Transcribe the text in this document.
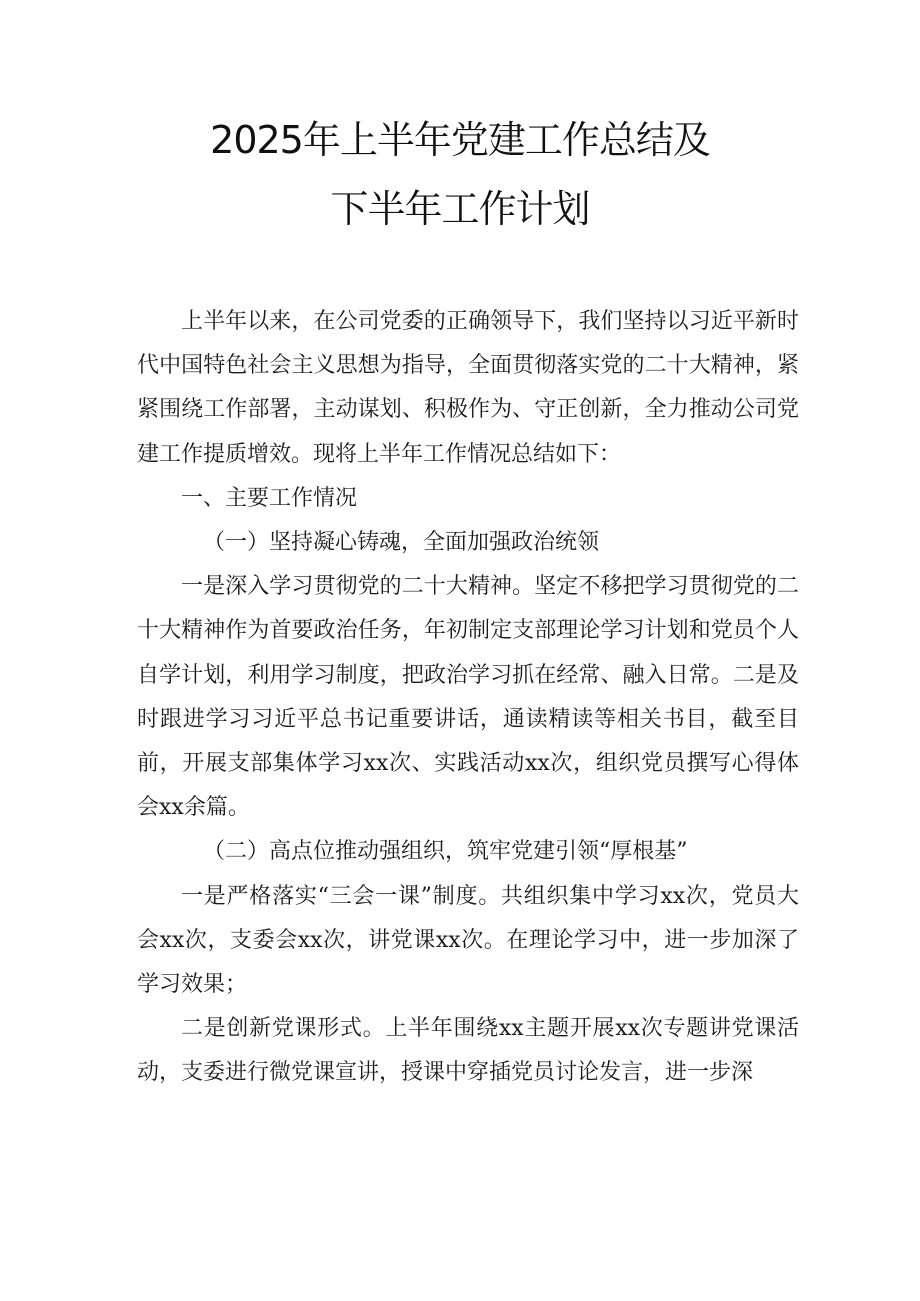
2025年上半年党建工作总结及
下半年工作计划

上半年以来，在公司党委的正确领导下，我们坚持以习近平新时代中国特色社会主义思想为指导，全面贯彻落实党的二十大精神，紧紧围绕工作部署，主动谋划、积极作为、守正创新，全力推动公司党建工作提质增效。现将上半年工作情况总结如下：

一、主要工作情况

（一）坚持凝心铸魂，全面加强政治统领

一是深入学习贯彻党的二十大精神。坚定不移把学习贯彻党的二十大精神作为首要政治任务，年初制定支部理论学习计划和党员个人自学计划，利用学习制度，把政治学习抓在经常、融入日常。二是及时跟进学习习近平总书记重要讲话，通读精读等相关书目，截至目前，开展支部集体学习xx次、实践活动xx次，组织党员撰写心得体会xx余篇。

（二）高点位推动强组织，筑牢党建引领“厚根基”

一是严格落实“三会一课”制度。共组织集中学习xx次，党员大会xx次，支委会xx次，讲党课xx次。在理论学习中，进一步加深了学习效果；

二是创新党课形式。上半年围绕xx主题开展xx次专题讲党课活动，支委进行微党课宣讲，授课中穿插党员讨论发言，进一步深
